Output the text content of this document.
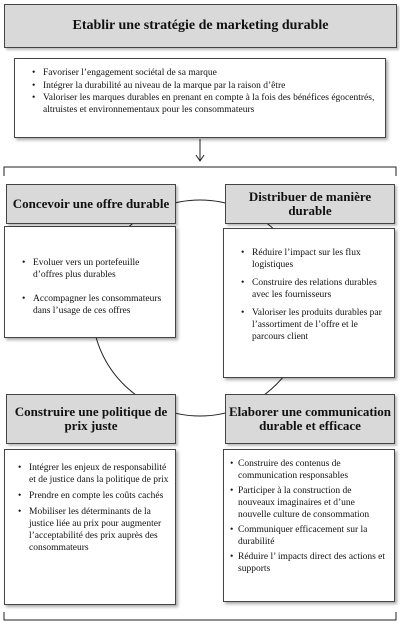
Etablir une stratégie de marketing durable
• Favoriser l’engagement sociétal de sa marque
• Intégrer la durabilité au niveau de la marque par la raison d’être
• Valoriser les marques durables en prenant en compte à la fois des bénéfices égocentrés, altruistes et environnementaux pour les consommateurs
• Evoluer vers un portefeuille d’offres plus durables
• Accompagner les consommateurs dans l’usage de ces offres
• Réduire l’impact sur les flux logistiques
• Construire des relations durables avec les fournisseurs
• Valoriser les produits durables par l’assortiment de l’offre et le parcours client
• Intégrer les enjeux de responsabilité et de justice dans la politique de prix
• Prendre en compte les coûts cachés
• Mobiliser les déterminants de la justice liée au prix pour augmenter l’acceptabilité des prix auprès des consommateurs
• Construire des contenus de communication responsables
• Participer à la construction de nouveaux imaginaires et d’une nouvelle culture de consommation
• Communiquer efficacement sur la durabilité
• Réduire l’ impacts direct des actions et supports
Concevoir une offre durable	Distribuer de manière durable
Construire une politique de prix juste
Elaborer une communication durable et efficace
